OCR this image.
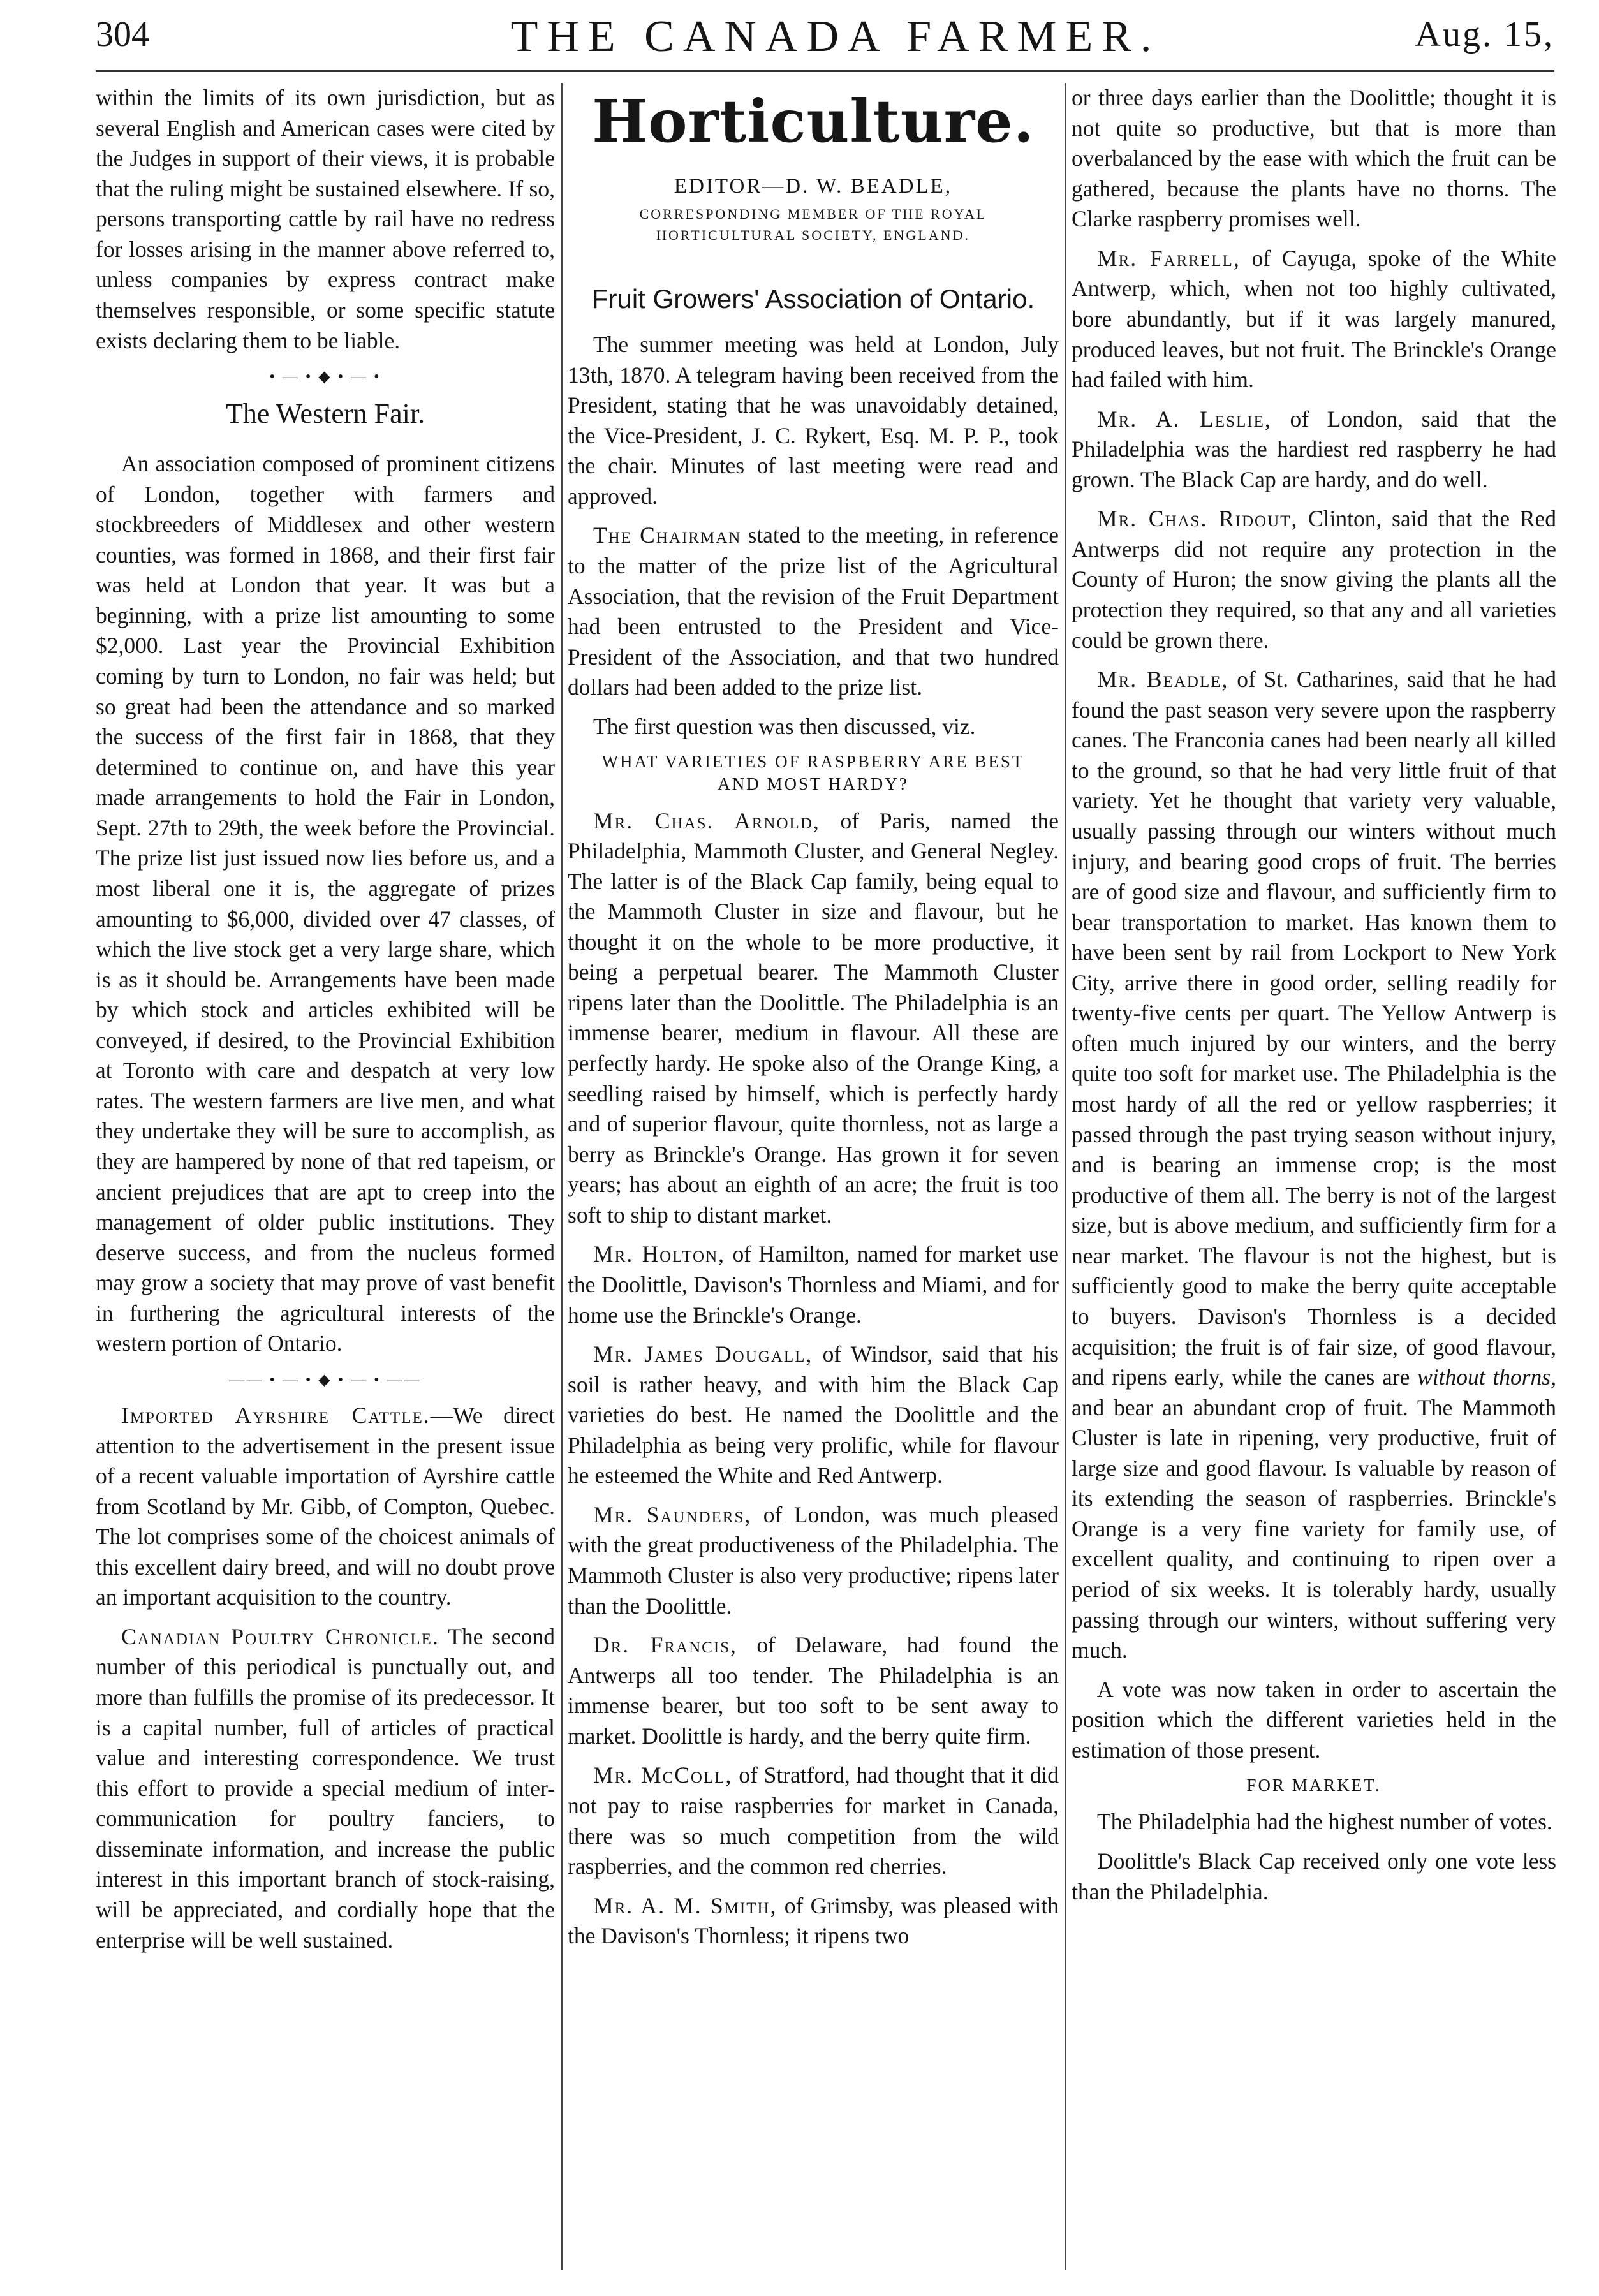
304	THE CANADA FARMER.	Aug. 15,

within the limits of its own jurisdiction, but as several English and American cases were cited by the Judges in support of their views, it is probable that the ruling might be sustained elsewhere. If so, persons transporting cattle by rail have no redress for losses arising in the manner above referred to, unless companies by express contract make themselves responsible, or some specific statute exists declaring them to be liable.

• — • ◆ • — •
The Western Fair.

An association composed of prominent citizens of London, together with farmers and stockbreeders of Middlesex and other western counties, was formed in 1868, and their first fair was held at London that year. It was but a beginning, with a prize list amounting to some $2,000. Last year the Provincial Exhibition coming by turn to London, no fair was held; but so great had been the attendance and so marked the success of the first fair in 1868, that they determined to continue on, and have this year made arrangements to hold the Fair in London, Sept. 27th to 29th, the week before the Provincial. The prize list just issued now lies before us, and a most liberal one it is, the aggregate of prizes amounting to $6,000, divided over 47 classes, of which the live stock get a very large share, which is as it should be. Arrangements have been made by which stock and articles exhibited will be conveyed, if desired, to the Provincial Exhibition at Toronto with care and despatch at very low rates. The western farmers are live men, and what they undertake they will be sure to accomplish, as they are hampered by none of that red tapeism, or ancient prejudices that are apt to creep into the management of older public institutions. They deserve success, and from the nucleus formed may grow a society that may prove of vast benefit in furthering the agricultural interests of the western portion of Ontario.

—— • — • ◆ • — • ——

Imported Ayrshire Cattle.—We direct attention to the advertisement in the present issue of a recent valuable importation of Ayrshire cattle from Scotland by Mr. Gibb, of Compton, Quebec. The lot comprises some of the choicest animals of this excellent dairy breed, and will no doubt prove an important acquisition to the country.

Canadian Poultry Chronicle. The second number of this periodical is punctually out, and more than fulfills the promise of its predecessor. It is a capital number, full of articles of practical value and interesting correspondence. We trust this effort to provide a special medium of inter-communication for poultry fanciers, to disseminate information, and increase the public interest in this important branch of stock-raising, will be appreciated, and cordially hope that the enterprise will be well sustained.

Horticulture.
EDITOR—D. W. BEADLE,
CORRESPONDING MEMBER OF THE ROYAL HORTICULTURAL SOCIETY, ENGLAND.
Fruit Growers' Association of Ontario.

The summer meeting was held at London, July 13th, 1870. A telegram having been received from the President, stating that he was unavoidably detained, the Vice-President, J. C. Rykert, Esq. M. P. P., took the chair. Minutes of last meeting were read and approved.

The Chairman stated to the meeting, in reference to the matter of the prize list of the Agricultural Association, that the revision of the Fruit Department had been entrusted to the President and Vice-President of the Association, and that two hundred dollars had been added to the prize list.

The first question was then discussed, viz.

WHAT VARIETIES OF RASPBERRY ARE BEST AND MOST HARDY?

Mr. Chas. Arnold, of Paris, named the Philadelphia, Mammoth Cluster, and General Negley. The latter is of the Black Cap family, being equal to the Mammoth Cluster in size and flavour, but he thought it on the whole to be more productive, it being a perpetual bearer. The Mammoth Cluster ripens later than the Doolittle. The Philadelphia is an immense bearer, medium in flavour. All these are perfectly hardy. He spoke also of the Orange King, a seedling raised by himself, which is perfectly hardy and of superior flavour, quite thornless, not as large a berry as Brinckle's Orange. Has grown it for seven years; has about an eighth of an acre; the fruit is too soft to ship to distant market.

Mr. Holton, of Hamilton, named for market use the Doolittle, Davison's Thornless and Miami, and for home use the Brinckle's Orange.

Mr. James Dougall, of Windsor, said that his soil is rather heavy, and with him the Black Cap varieties do best. He named the Doolittle and the Philadelphia as being very prolific, while for flavour he esteemed the White and Red Antwerp.

Mr. Saunders, of London, was much pleased with the great productiveness of the Philadelphia. The Mammoth Cluster is also very productive; ripens later than the Doolittle.

Dr. Francis, of Delaware, had found the Antwerps all too tender. The Philadelphia is an immense bearer, but too soft to be sent away to market. Doolittle is hardy, and the berry quite firm.

Mr. McColl, of Stratford, had thought that it did not pay to raise raspberries for market in Canada, there was so much competition from the wild raspberries, and the common red cherries.

Mr. A. M. Smith, of Grimsby, was pleased with the Davison's Thornless; it ripens two

or three days earlier than the Doolittle; thought it is not quite so productive, but that is more than overbalanced by the ease with which the fruit can be gathered, because the plants have no thorns. The Clarke raspberry promises well.

Mr. Farrell, of Cayuga, spoke of the White Antwerp, which, when not too highly cultivated, bore abundantly, but if it was largely manured, produced leaves, but not fruit. The Brinckle's Orange had failed with him.

Mr. A. Leslie, of London, said that the Philadelphia was the hardiest red raspberry he had grown. The Black Cap are hardy, and do well.

Mr. Chas. Ridout, Clinton, said that the Red Antwerps did not require any protection in the County of Huron; the snow giving the plants all the protection they required, so that any and all varieties could be grown there.

Mr. Beadle, of St. Catharines, said that he had found the past season very severe upon the raspberry canes. The Franconia canes had been nearly all killed to the ground, so that he had very little fruit of that variety. Yet he thought that variety very valuable, usually passing through our winters without much injury, and bearing good crops of fruit. The berries are of good size and flavour, and sufficiently firm to bear transportation to market. Has known them to have been sent by rail from Lockport to New York City, arrive there in good order, selling readily for twenty-five cents per quart. The Yellow Antwerp is often much injured by our winters, and the berry quite too soft for market use. The Philadelphia is the most hardy of all the red or yellow raspberries; it passed through the past trying season without injury, and is bearing an immense crop; is the most productive of them all. The berry is not of the largest size, but is above medium, and sufficiently firm for a near market. The flavour is not the highest, but is sufficiently good to make the berry quite acceptable to buyers. Davison's Thornless is a decided acquisition; the fruit is of fair size, of good flavour, and ripens early, while the canes are without thorns, and bear an abundant crop of fruit. The Mammoth Cluster is late in ripening, very productive, fruit of large size and good flavour. Is valuable by reason of its extending the season of raspberries. Brinckle's Orange is a very fine variety for family use, of excellent quality, and continuing to ripen over a period of six weeks. It is tolerably hardy, usually passing through our winters, without suffering very much.

A vote was now taken in order to ascertain the position which the different varieties held in the estimation of those present.

FOR MARKET.

The Philadelphia had the highest number of votes.

Doolittle's Black Cap received only one vote less than the Philadelphia.
